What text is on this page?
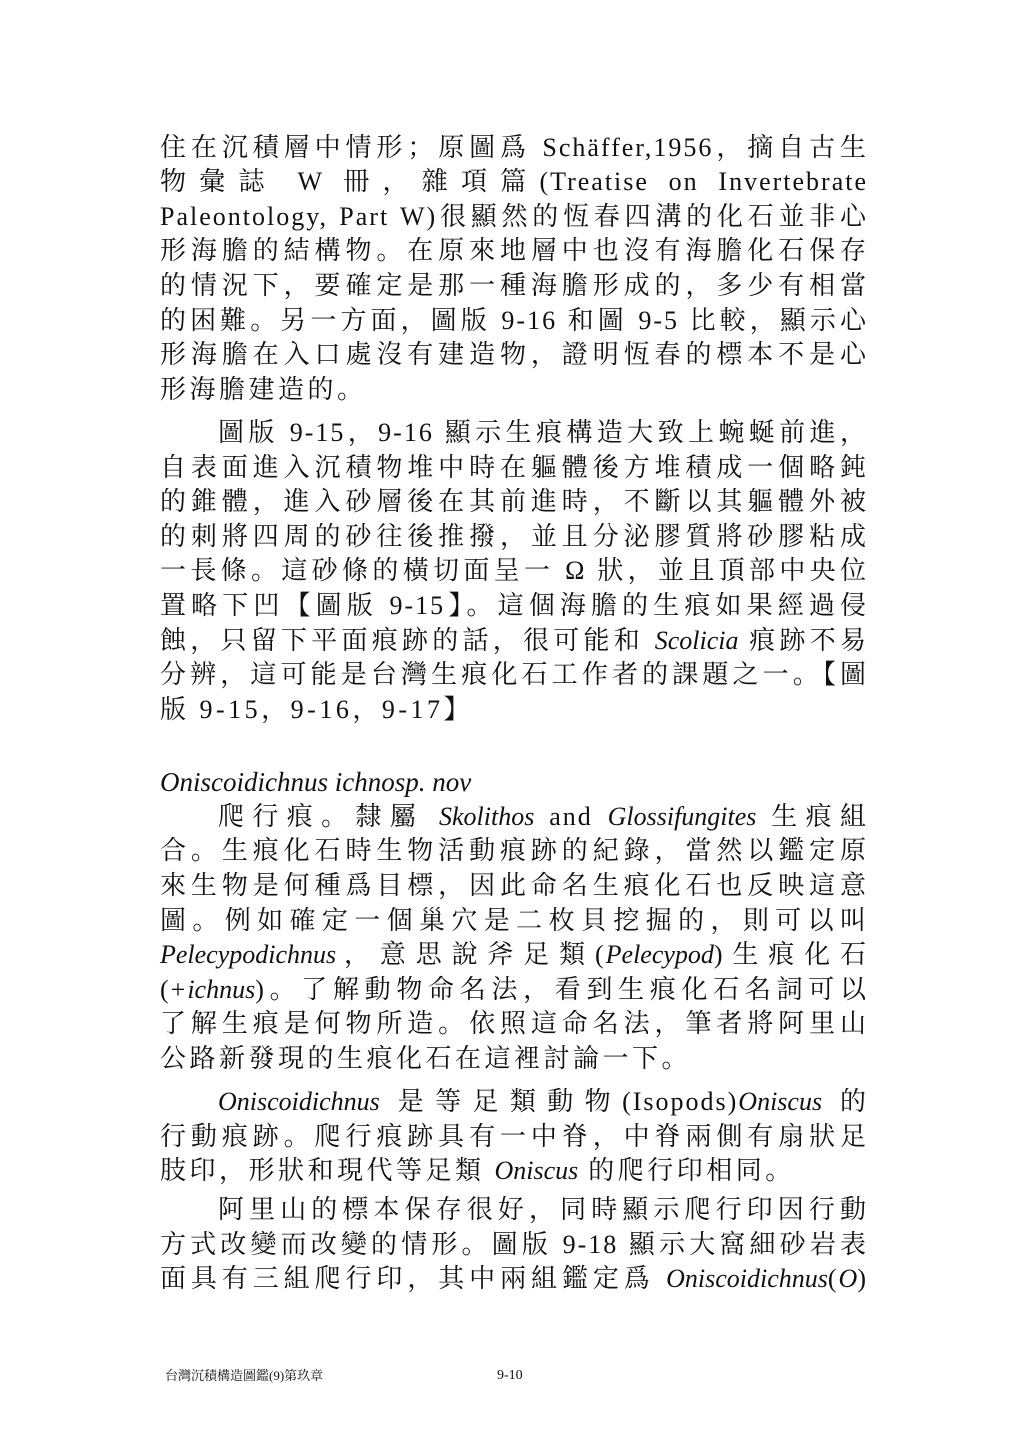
住在沉積層中情形；原圖爲 Schäffer,1956，摘自古生
物彙誌 W 冊，雜項篇(Treatise on Invertebrate
Paleontology, Part W)很顯然的恆春四溝的化石並非心
形海膽的結構物。在原來地層中也沒有海膽化石保存
的情況下，要確定是那一種海膽形成的，多少有相當
的困難。另一方面，圖版 9-16 和圖 9-5 比較，顯示心
形海膽在入口處沒有建造物，證明恆春的標本不是心
形海膽建造的。
圖版 9-15，9-16 顯示生痕構造大致上蜿蜒前進，
自表面進入沉積物堆中時在軀體後方堆積成一個略鈍
的錐體，進入砂層後在其前進時，不斷以其軀體外被
的刺將四周的砂往後推撥，並且分泌膠質將砂膠粘成
一長條。這砂條的橫切面呈一 Ω 狀，並且頂部中央位
置略下凹【圖版 9-15】。這個海膽的生痕如果經過侵
蝕，只留下平面痕跡的話，很可能和 Scolicia 痕跡不易
分辨，這可能是台灣生痕化石工作者的課題之一。【圖
版 9-15，9-16，9-17】
Oniscoidichnus ichnosp. nov
爬行痕。隸屬 Skolithos and Glossifungites 生痕組
合。生痕化石時生物活動痕跡的紀錄，當然以鑑定原
來生物是何種爲目標，因此命名生痕化石也反映這意
圖。例如確定一個巢穴是二枚貝挖掘的，則可以叫
Pelecypodichnus，意思說斧足類(Pelecypod)生痕化石
(+ichnus)。了解動物命名法，看到生痕化石名詞可以
了解生痕是何物所造。依照這命名法，筆者將阿里山
公路新發現的生痕化石在這裡討論一下。
Oniscoidichnus 是等足類動物(Isopods)Oniscus 的
行動痕跡。爬行痕跡具有一中脊，中脊兩側有扇狀足
肢印，形狀和現代等足類 Oniscus 的爬行印相同。
阿里山的標本保存很好，同時顯示爬行印因行動
方式改變而改變的情形。圖版 9-18 顯示大窩細砂岩表
面具有三組爬行印，其中兩組鑑定爲 Oniscoidichnus(O)
台灣沉積構造圖鑑(9)第玖章	9-10
